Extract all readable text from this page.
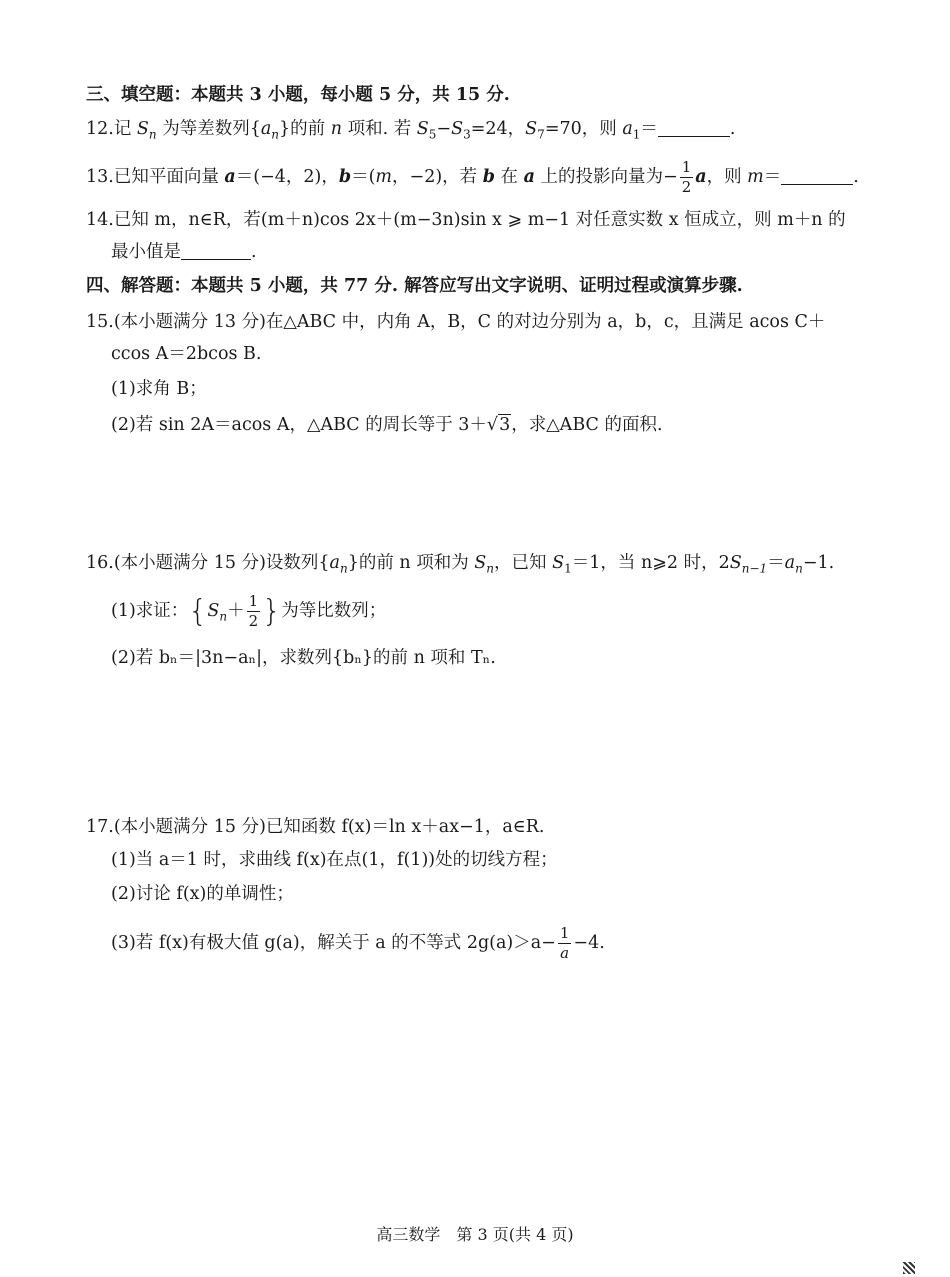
三、填空题：本题共 3 小题，每小题 5 分，共 15 分.
12.记 $S_n$ 为等差数列$\{a_n\}$的前 n 项和. 若 $S_5-S_3=24$，$S_7=70$，则 $a_1=$	.
13.已知平面向量 a＝(−4，2)，b＝(m，−2)，若 b 在 a 上的投影向量为− $\frac{1}{2}$ a，则 m＝	.
14.已知 m，n∈R，若(m＋n)cos 2x＋(m−3n)sin x ⩾ m−1 对任意实数 x 恒成立，则 m＋n 的
最小值是	.
四、解答题：本题共 5 小题，共 77 分. 解答应写出文字说明、证明过程或演算步骤.
15.(本小题满分 13 分)在△ABC 中，内角 A，B，C 的对边分别为 a，b，c，且满足 acos C＋
ccos A＝2bcos B.
(1)求角 B；
(2)若 sin 2A＝acos A，△ABC 的周长等于 3＋√3，求△ABC 的面积.
16.(本小题满分 15 分)设数列$\{a_n\}$的前 n 项和为 $S_n$，已知 $S_1=1$，当 n⩾2 时，$2S_{n-1}=a_n-1$.
(1)求证：{$S_n+ \frac{1}{2}$ }为等比数列；
(2)若 bₙ＝|3n−aₙ|，求数列{bₙ}的前 n 项和 Tₙ.
17.(本小题满分 15 分)已知函数 f(x)＝ln x＋ax−1，a∈R.
(1)当 a＝1 时，求曲线 f(x)在点(1，f(1))处的切线方程；
(2)讨论 f(x)的单调性；
(3)若 f(x)有极大值 g(a)，解关于 a 的不等式 $2g(a)>a- \frac{1}{a} -4$.
高三数学　第 3 页(共 4 页)
